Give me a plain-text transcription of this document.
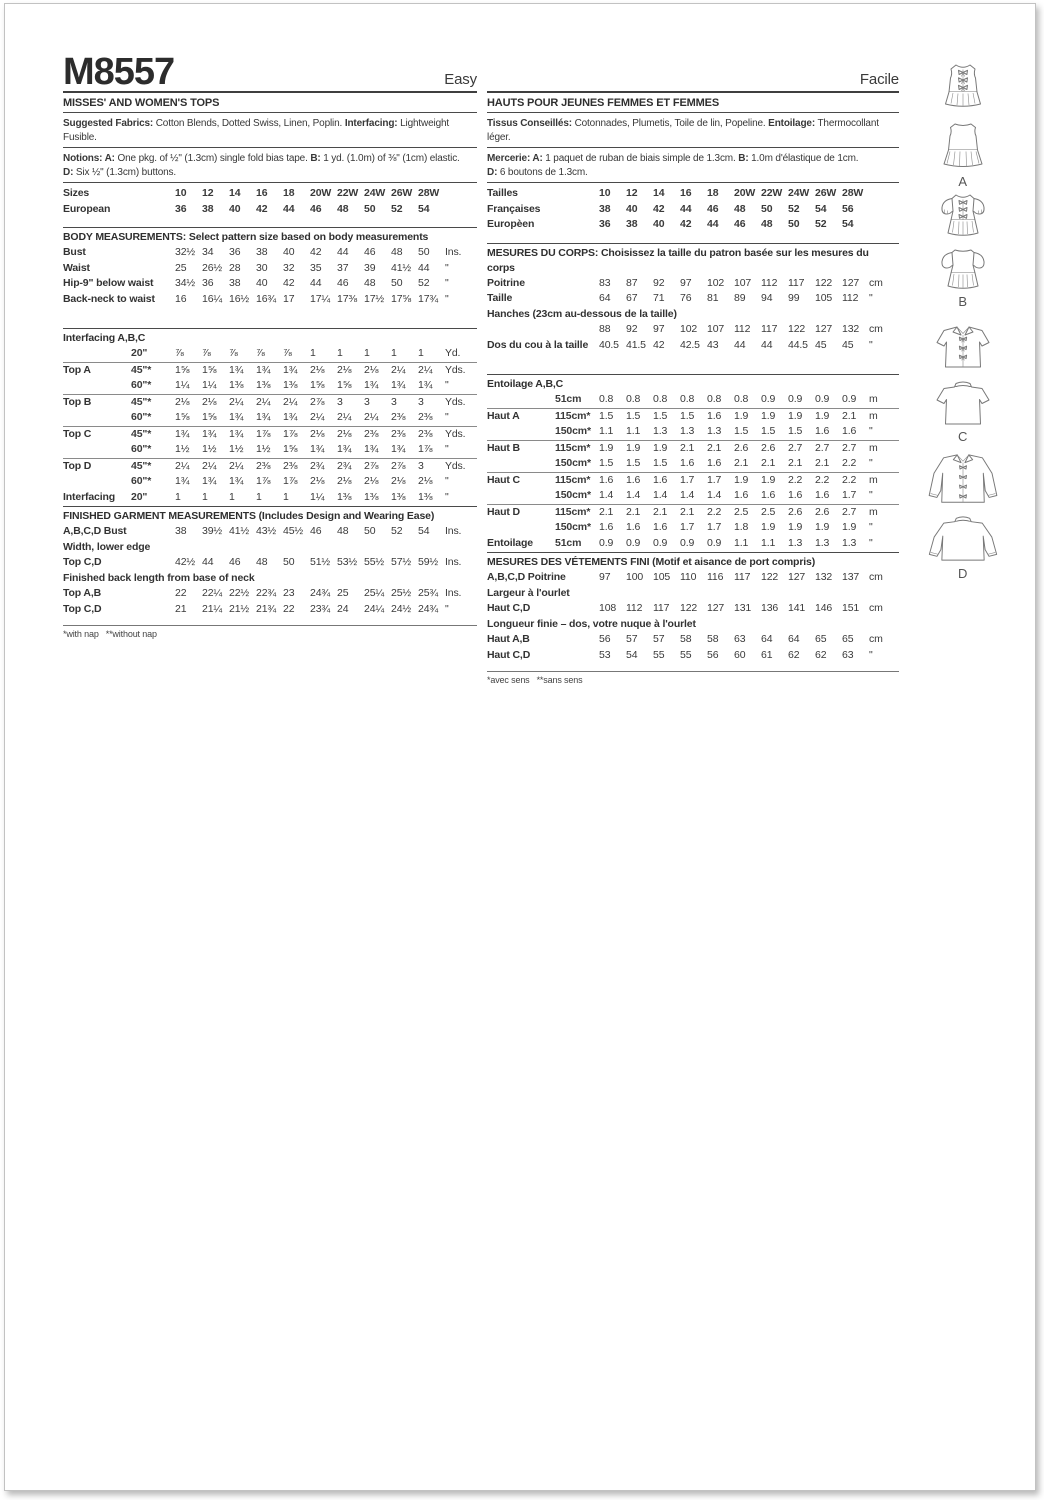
M8557	Easy
MISSES' AND WOMEN'S TOPS
Suggested Fabrics: Cotton Blends, Dotted Swiss, Linen, Poplin. Interfacing: Lightweight Fusible.
Notions: A: One pkg. of ½" (1.3cm) single fold bias tape. B: 1 yd. (1.0m) of ⅜" (1cm) elastic.
D: Six ½" (1.3cm) buttons.
Sizes	10	12	14	16	18	20W 22W 24W 26W 28W
European	36	38	40	42	44	46	48	50	52	54
BODY MEASUREMENTS: Select pattern size based on body measurements
Bust	32½ 34	36	38	40	42	44	46	48	50	Ins.
Waist	25	26½ 28	30	32	35	37	39	41½ 44	"
Hip-9" below waist	34½ 36	38	40	42	44	46	48	50	52	"
Back-neck to waist	16	16¼ 16½ 16¾ 17	17¼ 17⅜ 17½ 17⅝ 17¾ "
Interfacing A,B,C
20"	⅞	⅞	⅞	⅞	⅞	1	1	1	1	1	Yd.
Top A	45"*	1⅝	1⅝	1¾	1¾	1¾	2⅛	2⅛	2⅛	2¼	2¼	Yds.
60"*	1¼	1¼	1⅜	1⅜	1⅜	1⅝	1⅝	1¾	1¾	1¾	"
Top B	45"*	2⅛	2⅛	2¼	2¼	2¼	2⅞	3	3	3	3	Yds.
60"*	1⅝	1⅝	1¾	1¾	1¾	2¼	2¼	2¼	2⅜	2⅜	"
Top C	45"*	1¾	1¾	1¾	1⅞	1⅞	2⅛	2⅛	2⅜	2⅜	2⅜	Yds.
60"*	1½	1½	1½	1½	1⅝	1¾	1¾	1¾	1¾	1⅞	"
Top D	45"*	2¼	2¼	2¼	2⅜	2⅜	2¾	2¾	2⅞	2⅞	3	Yds.
60"*	1¾	1¾	1¾	1⅞	1⅞	2⅛	2⅛	2⅛	2⅛	2⅛	"
Interfacing	20"	1	1	1	1	1	1¼	1⅜	1⅜	1⅜	1⅜	"
FINISHED GARMENT MEASUREMENTS (Includes Design and Wearing Ease)
A,B,C,D Bust	38	39½ 41½ 43½ 45½ 46	48	50	52	54	Ins.
Width, lower edge
Top C,D	42½ 44	46	48	50	51½ 53½ 55½ 57½ 59½ Ins.
Finished back length from base of neck
Top A,B	22	22¼ 22½ 22¾ 23	24¾ 25	25¼ 25½ 25¾ Ins.
Top C,D	21	21¼ 21½ 21¾ 22	23¾ 24	24¼ 24½ 24¾ "
*with nap   **without nap
Facile
HAUTS POUR JEUNES FEMMES ET FEMMES
Tissus Conseillés: Cotonnades, Plumetis, Toile de lin, Popeline. Entoilage: Thermocollant léger.
Mercerie: A: 1 paquet de ruban de biais simple de 1.3cm. B: 1.0m d'élastique de 1cm.
D: 6 boutons de 1.3cm.
Tailles	10	12	14	16	18	20W 22W 24W 26W 28W
Françaises	38	40	42	44	46	48	50	52	54	56
Europèen	36	38	40	42	44	46	48	50	52	54
MESURES DU CORPS: Choisissez la taille du patron basée sur les mesures du corps
Poitrine	83	87	92	97	102 107 112	117	122 127 cm
Taille	64	67	71	76	81	89	94	99	105 112	"
Hanches (23cm au-dessous de la taille)
88	92	97	102 107 112	117	122 127 132 cm
Dos du cou à la taille	40.5 41.5 42	42.5 43	44	44	44.5 45	45	"
Entoilage A,B,C
51cm	0.8	0.8	0.8	0.8	0.8	0.8	0.9	0.9	0.9	0.9	m
Haut A	115cm* 1.5	1.5	1.5	1.5	1.6	1.9	1.9	1.9	1.9	2.1	m
150cm* 1.1	1.1	1.3	1.3	1.3	1.5	1.5	1.5	1.6	1.6	"
Haut B	115cm* 1.9	1.9	1.9	2.1	2.1	2.6	2.6	2.7	2.7	2.7	m
150cm* 1.5	1.5	1.5	1.6	1.6	2.1	2.1	2.1	2.1	2.2	"
Haut C	115cm* 1.6	1.6	1.6	1.7	1.7	1.9	1.9	2.2	2.2	2.2	m
150cm* 1.4	1.4	1.4	1.4	1.4	1.6	1.6	1.6	1.6	1.7	"
Haut D	115cm* 2.1	2.1	2.1	2.1	2.2	2.5	2.5	2.6	2.6	2.7	m
150cm* 1.6	1.6	1.6	1.7	1.7	1.8	1.9	1.9	1.9	1.9	"
Entoilage	51cm	0.9	0.9	0.9	0.9	0.9	1.1	1.1	1.3	1.3	1.3	"
MESURES DES VÉTEMENTS FINI (Motif et aisance de port compris)
A,B,C,D Poitrine	97	100 105 110	116	117	122 127 132 137 cm
Largeur à l'ourlet
Haut C,D	108 112	117	122 127 131 136 141 146 151 cm
Longueur finie – dos, votre nuque à l'ourlet
Haut A,B	56	57	57	58	58	63	64	64	65	65	cm
Haut C,D	53	54	55	55	56	60	61	62	62	63	"
*avec sens   **sans sens
A
B
C
D
